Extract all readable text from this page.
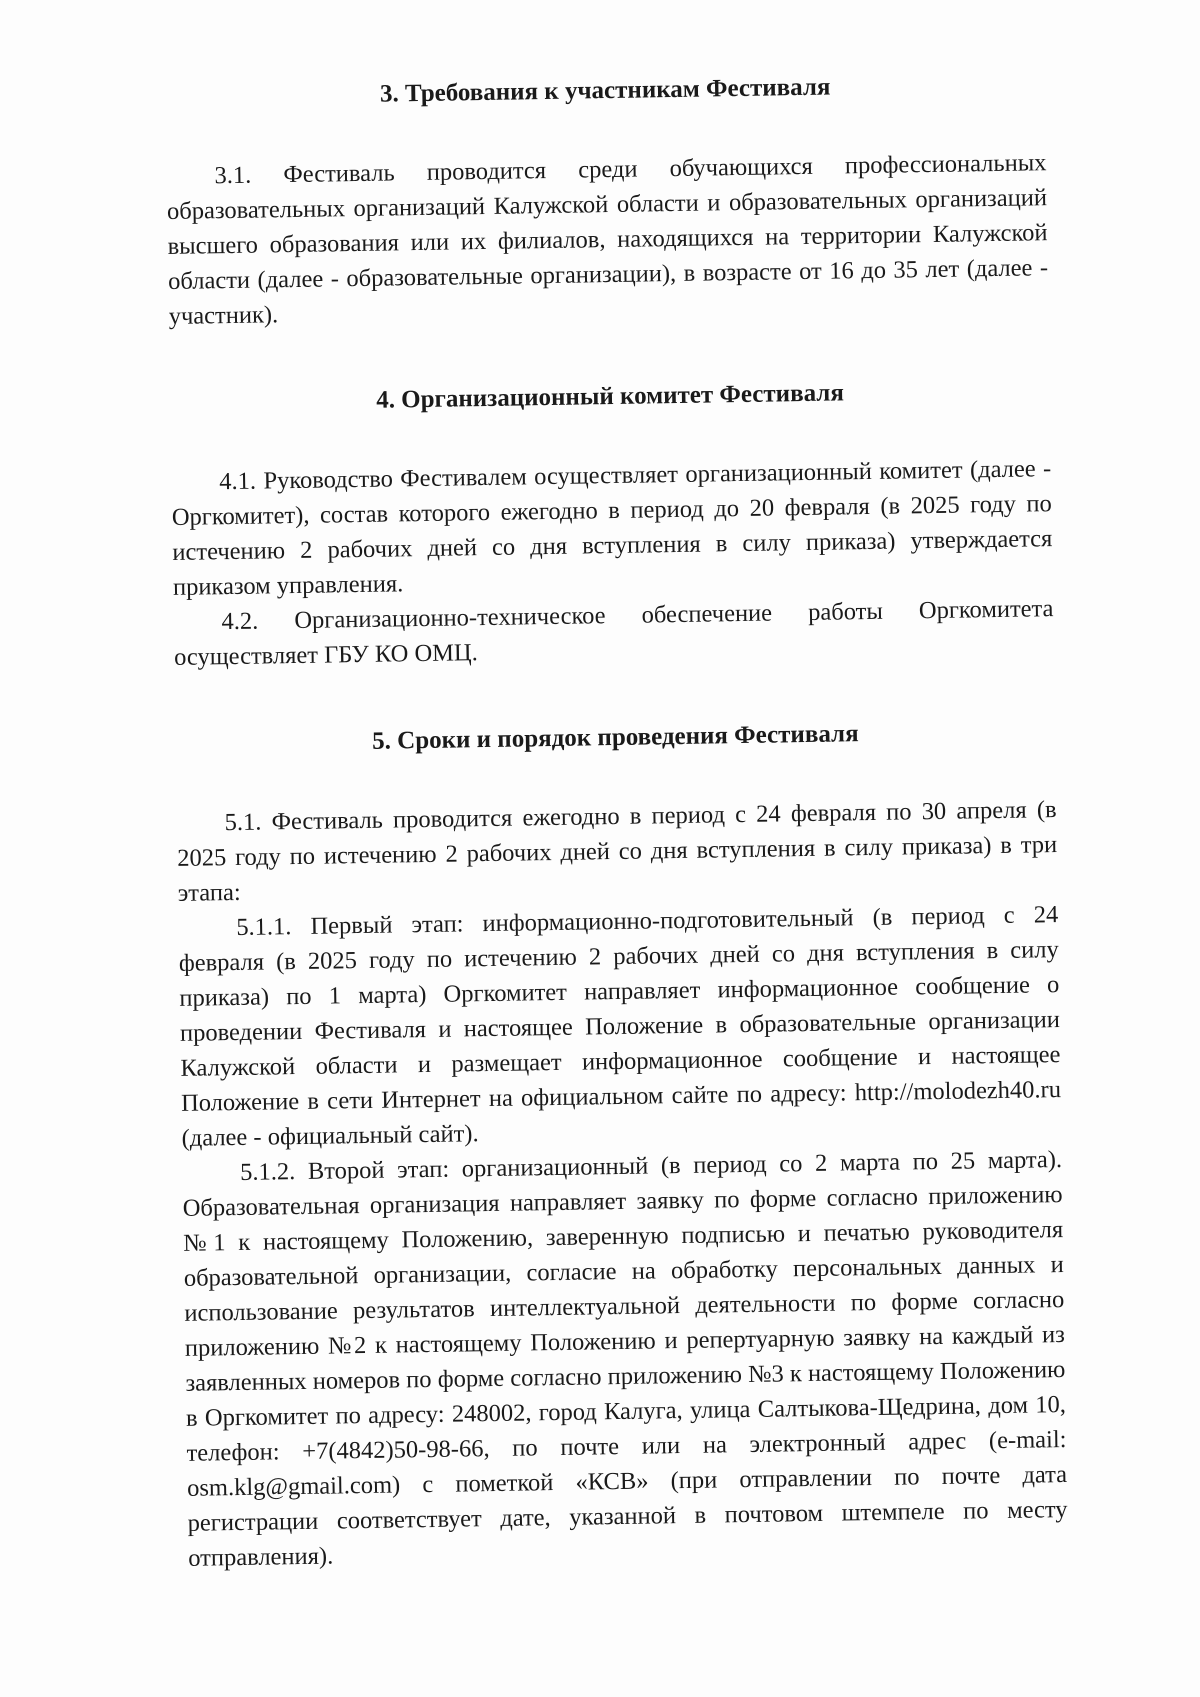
3. Требования к участникам Фестиваля

3.1. Фестиваль проводится среди обучающихся профессиональных образовательных организаций Калужской области и образовательных организаций высшего образования или их филиалов, находящихся на территории Калужской области (далее - образовательные организации), в возрасте от 16 до 35 лет (далее - участник).

4. Организационный комитет Фестиваля

4.1. Руководство Фестивалем осуществляет организационный комитет (далее - Оргкомитет), состав которого ежегодно в период до 20 февраля (в 2025 году по истечению 2 рабочих дней со дня вступления в силу приказа) утверждается приказом управления.

4.2. Организационно-техническое обеспечение работы Оргкомитета осуществляет ГБУ КО ОМЦ.

5. Сроки и порядок проведения Фестиваля

5.1. Фестиваль проводится ежегодно в период с 24 февраля по 30 апреля (в 2025 году по истечению 2 рабочих дней со дня вступления в силу приказа) в три этапа:

5.1.1. Первый этап: информационно-подготовительный (в период с 24 февраля (в 2025 году по истечению 2 рабочих дней со дня вступления в силу приказа) по 1 марта) Оргкомитет направляет информационное сообщение о проведении Фестиваля и настоящее Положение в образовательные организации Калужской области и размещает информационное сообщение и настоящее Положение в сети Интернет на официальном сайте по адресу: http://molodezh40.ru (далее - официальный сайт).

5.1.2. Второй этап: организационный (в период со 2 марта по 25 марта). Образовательная организация направляет заявку по форме согласно приложению №1 к настоящему Положению, заверенную подписью и печатью руководителя образовательной организации, согласие на обработку персональных данных и использование результатов интеллектуальной деятельности по форме согласно приложению №2 к настоящему Положению и репертуарную заявку на каждый из заявленных номеров по форме согласно приложению №3 к настоящему Положению в Оргкомитет по адресу: 248002, город Калуга, улица Салтыкова-Щедрина, дом 10, телефон: +7(4842)50-98-66, по почте или на электронный адрес (e-mail: osm.klg@gmail.com) с пометкой «КСВ» (при отправлении по почте дата регистрации соответствует дате, указанной в почтовом штемпеле по месту отправления).
